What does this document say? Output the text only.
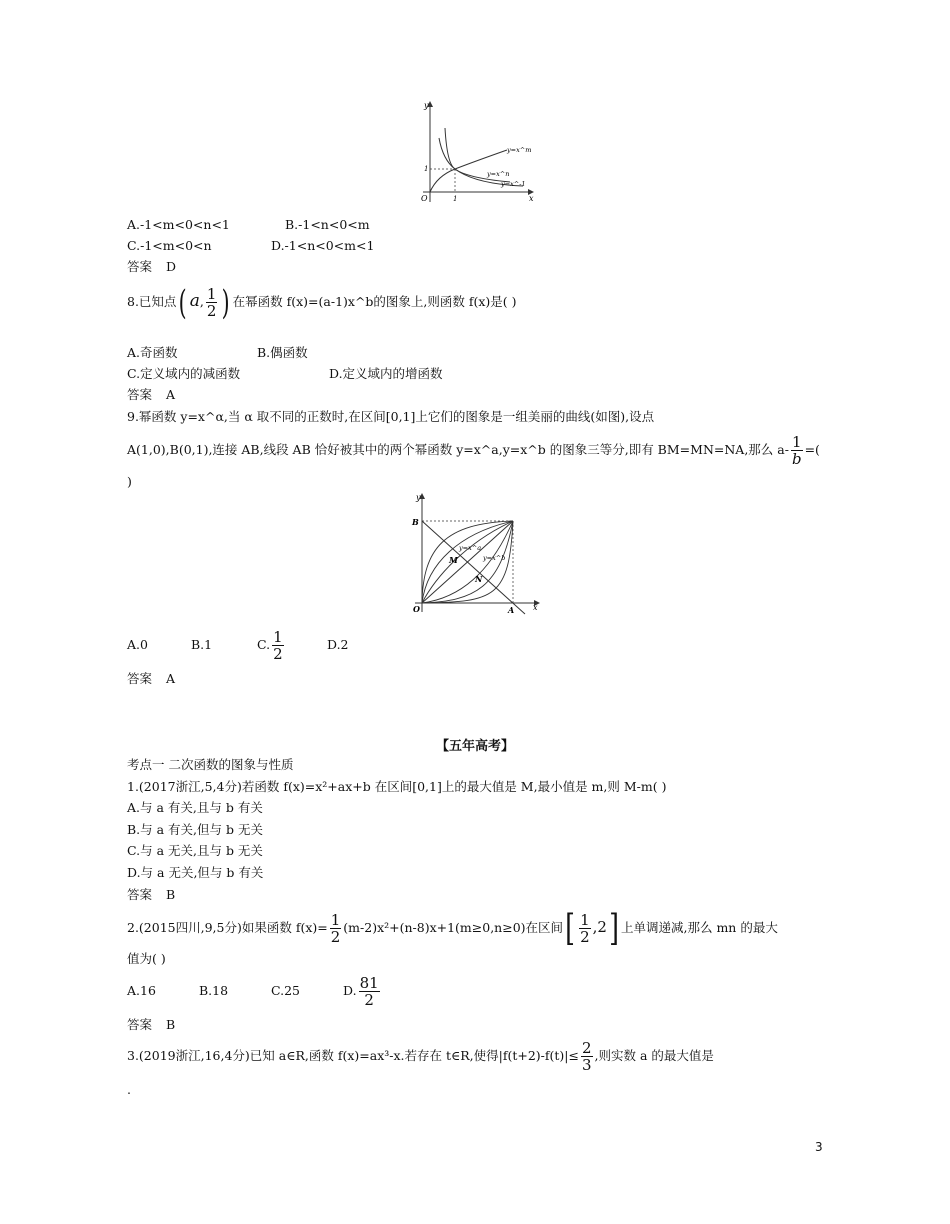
y
x
O	1
1
y=x^m
y=x^n
y=x^-1
A.-1<m<0<n<1	B.-1<n<0<m
C.-1<m<0<n	D.-1<n<0<m<1
答案 D
8.已知点( a, $\frac{1}{2}$ ) 在幂函数 f(x)=(a-1)x^b的图象上,则函数 f(x)是( )
A.奇函数	B.偶函数
C.定义域内的减函数	D.定义域内的增函数
答案 A
9.幂函数 y=x^α,当 α 取不同的正数时,在区间[0,1]上它们的图象是一组美丽的曲线(如图),设点
A(1,0),B(0,1),连接 AB,线段 AB 恰好被其中的两个幂函数 y=x^a,y=x^b 的图象三等分,即有 BM=MN=NA,那么 $a- \frac{1}{b}$ =(
)
y
x
O
B
A
M
N
y=x^a
y=x^b
A.0	B.1	C. $\frac{1}{2}$	D.2
答案 A
【五年高考】
考点一 二次函数的图象与性质
1.(2017浙江,5,4分)若函数 f(x)=x²+ax+b 在区间[0,1]上的最大值是 M,最小值是 m,则 M-m( )
A.与 a 有关,且与 b 有关
B.与 a 有关,但与 b 无关
C.与 a 无关,且与 b 无关
D.与 a 无关,但与 b 有关
答案 B
2.(2015四川,9,5分)如果函数 $f(x)= \frac{1}{2} (m-2)x^2+(n-8)x+1(m\ge 0,n\ge 0)$在区间[ $\frac{1}{2} ,2$] 上单调递减,那么 mn 的最大
值为( )
A.16	B.18	C.25	D. $\frac{81}{2}$
答案 B
3.(2019浙江,16,4分)已知 a∈R,函数 f(x)=ax³-x.若存在 t∈R,使得$|f(t+2)-f(t)|\le \frac{2}{3}$ ,则实数 a 的最大值是
.
3
